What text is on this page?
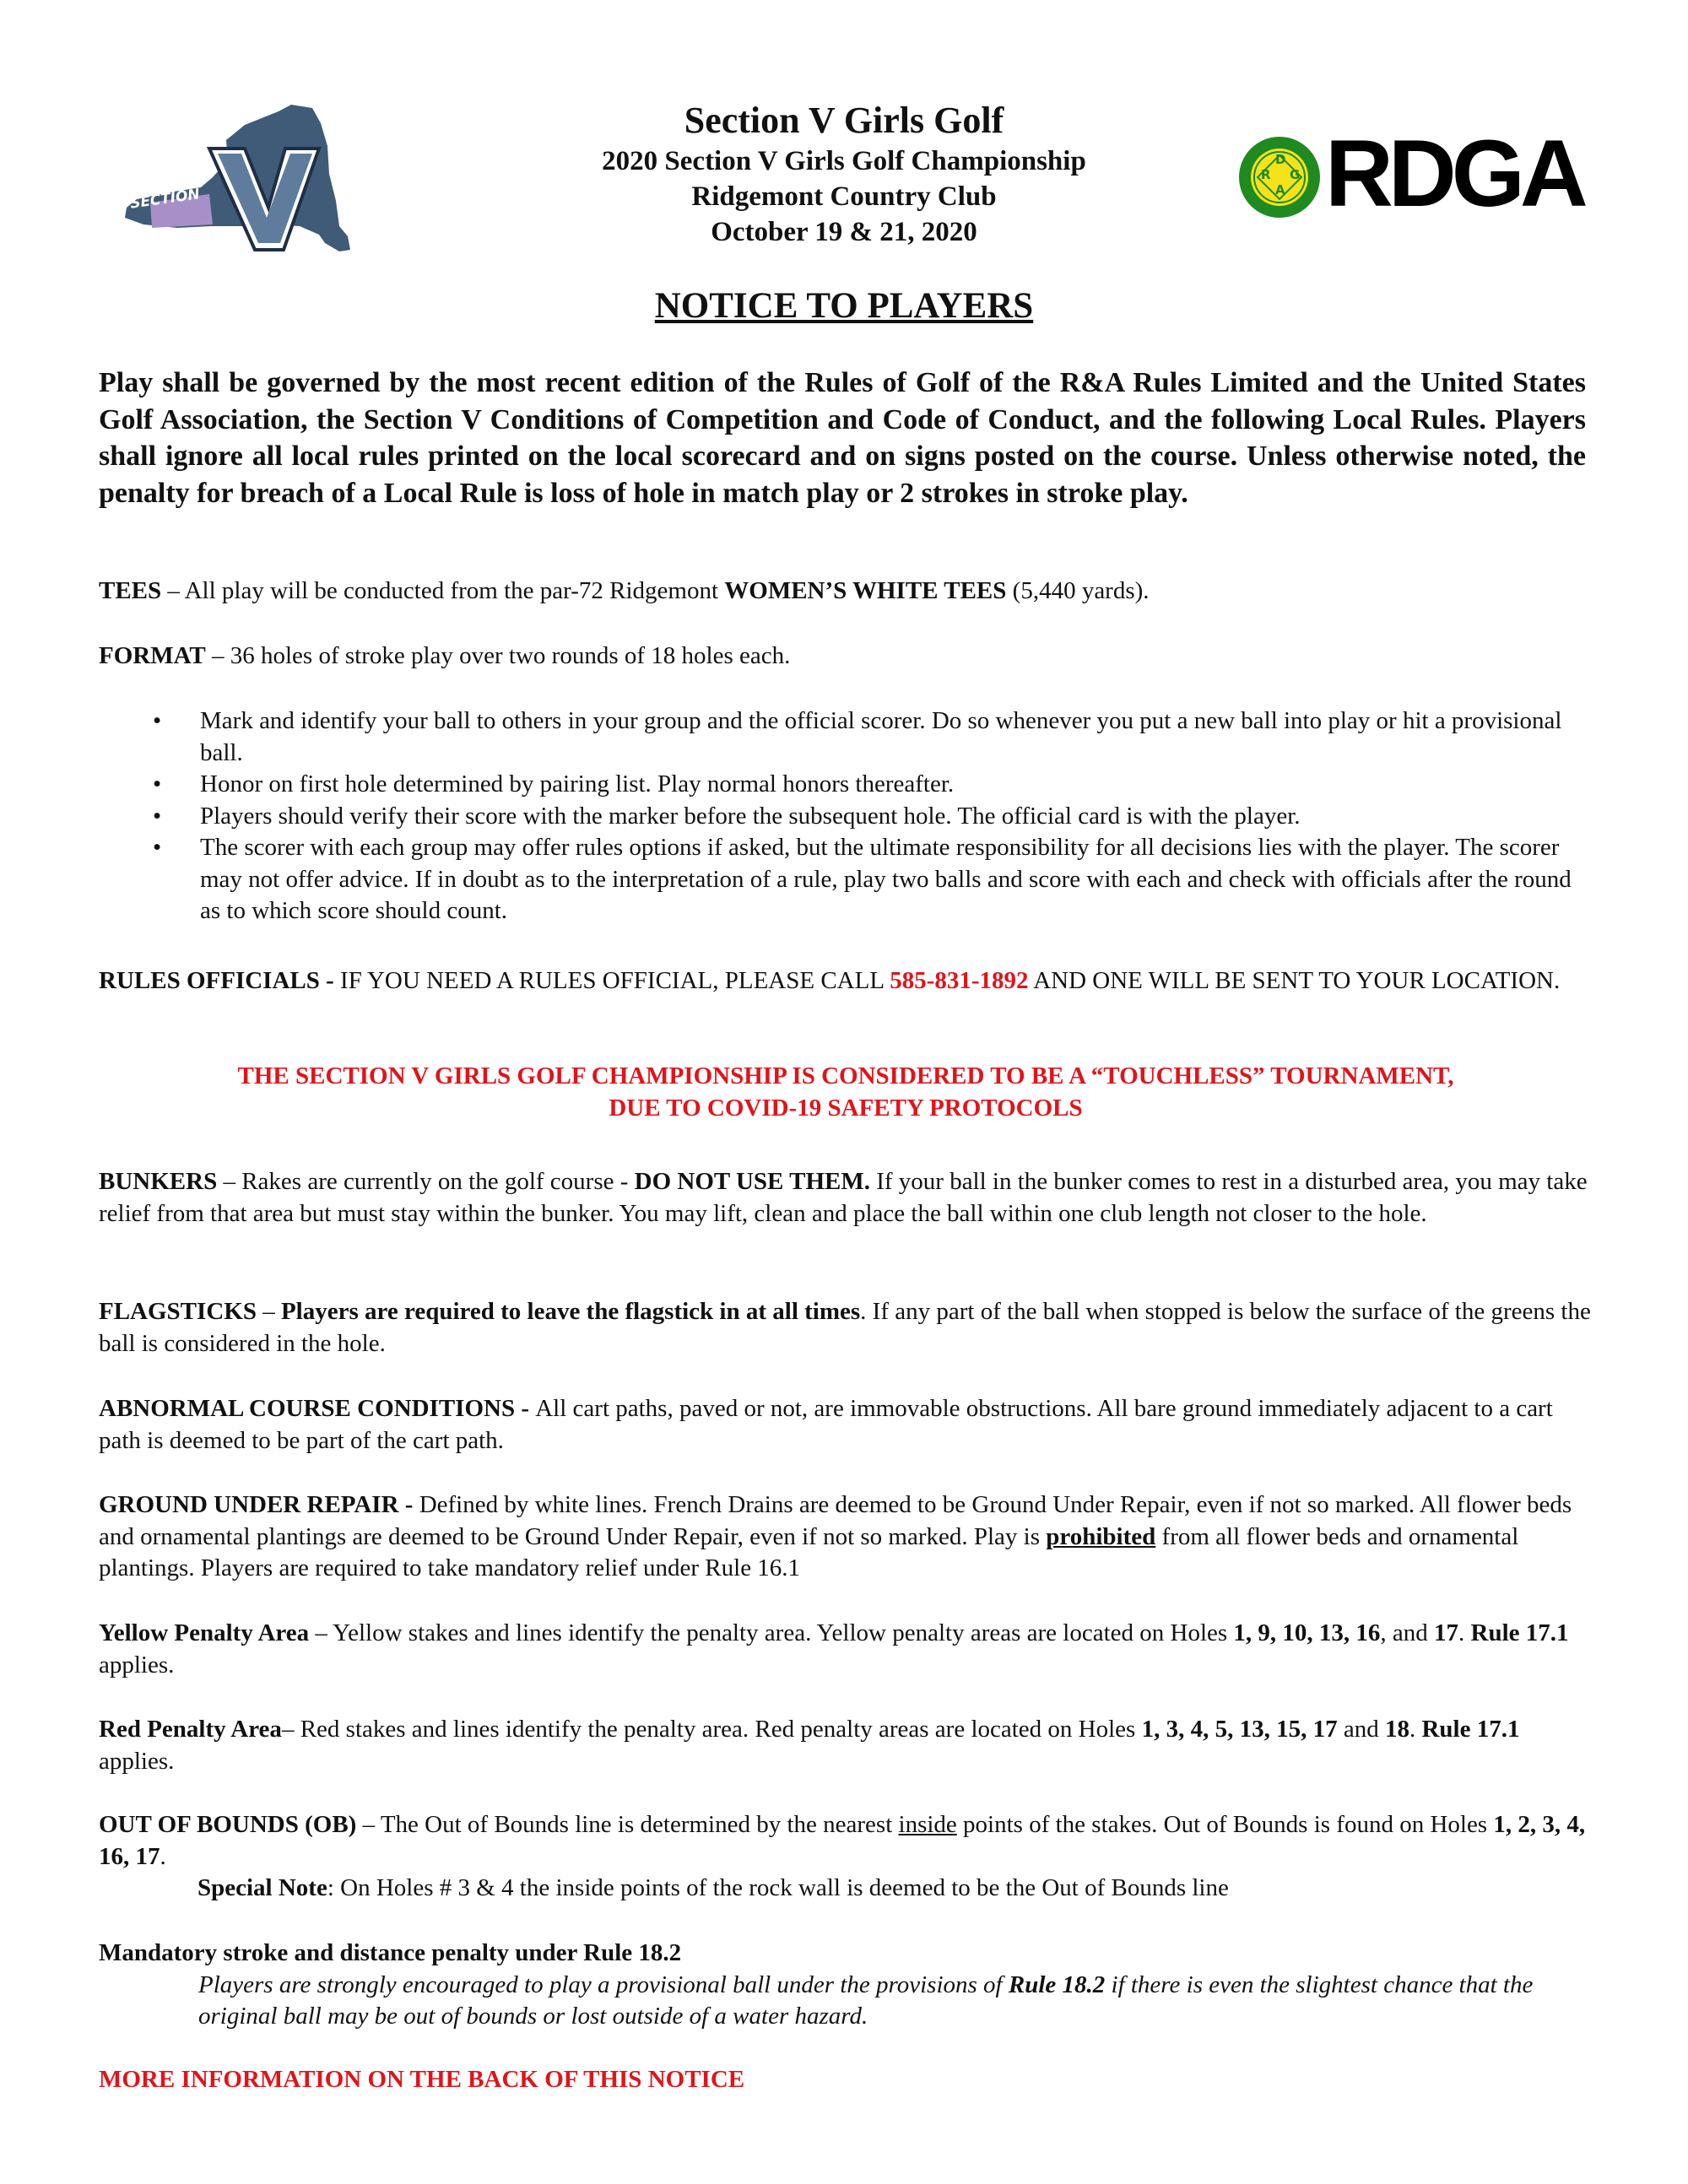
SECTION
Section V Girls Golf
2020 Section V Girls Golf Championship
Ridgemont Country Club
October 19 & 21, 2020
R
D
G
A RDGA
NOTICE TO PLAYERS
Play shall be governed by the most recent edition of the Rules of Golf of the R&A Rules Limited and the United States Golf Association, the Section V Conditions of Competition and Code of Conduct, and the following Local Rules. Players shall ignore all local rules printed on the local scorecard and on signs posted on the course. Unless otherwise noted, the penalty for breach of a Local Rule is loss of hole in match play or 2 strokes in stroke play.
TEES – All play will be conducted from the par-72 Ridgemont WOMEN’S WHITE TEES (5,440 yards).
FORMAT – 36 holes of stroke play over two rounds of 18 holes each.
• Mark and identify your ball to others in your group and the official scorer. Do so whenever you put a new ball into play or hit a provisional ball.
• Honor on first hole determined by pairing list. Play normal honors thereafter.
• Players should verify their score with the marker before the subsequent hole. The official card is with the player.
• The scorer with each group may offer rules options if asked, but the ultimate responsibility for all decisions lies with the player. The scorer may not offer advice. If in doubt as to the interpretation of a rule, play two balls and score with each and check with officials after the round as to which score should count.
RULES OFFICIALS - IF YOU NEED A RULES OFFICIAL, PLEASE CALL 585-831-1892 AND ONE WILL BE SENT TO YOUR LOCATION.
THE SECTION V GIRLS GOLF CHAMPIONSHIP IS CONSIDERED TO BE A “TOUCHLESS” TOURNAMENT,
DUE TO COVID-19 SAFETY PROTOCOLS
BUNKERS – Rakes are currently on the golf course - DO NOT USE THEM. If your ball in the bunker comes to rest in a disturbed area, you may take relief from that area but must stay within the bunker. You may lift, clean and place the ball within one club length not closer to the hole.
FLAGSTICKS – Players are required to leave the flagstick in at all times. If any part of the ball when stopped is below the surface of the greens the ball is considered in the hole.
ABNORMAL COURSE CONDITIONS - All cart paths, paved or not, are immovable obstructions. All bare ground immediately adjacent to a cart path is deemed to be part of the cart path.
GROUND UNDER REPAIR - Defined by white lines. French Drains are deemed to be Ground Under Repair, even if not so marked. All flower beds and ornamental plantings are deemed to be Ground Under Repair, even if not so marked. Play is prohibited from all flower beds and ornamental plantings. Players are required to take mandatory relief under Rule 16.1
Yellow Penalty Area – Yellow stakes and lines identify the penalty area. Yellow penalty areas are located on Holes 1, 9, 10, 13, 16, and 17. Rule 17.1 applies.
Red Penalty Area– Red stakes and lines identify the penalty area. Red penalty areas are located on Holes 1, 3, 4, 5, 13, 15, 17 and 18. Rule 17.1 applies.
OUT OF BOUNDS (OB) – The Out of Bounds line is determined by the nearest inside points of the stakes. Out of Bounds is found on Holes 1, 2, 3, 4, 16, 17.
Special Note: On Holes # 3 & 4 the inside points of the rock wall is deemed to be the Out of Bounds line
Mandatory stroke and distance penalty under Rule 18.2
Players are strongly encouraged to play a provisional ball under the provisions of Rule 18.2 if there is even the slightest chance that the original ball may be out of bounds or lost outside of a water hazard.
MORE INFORMATION ON THE BACK OF THIS NOTICE
